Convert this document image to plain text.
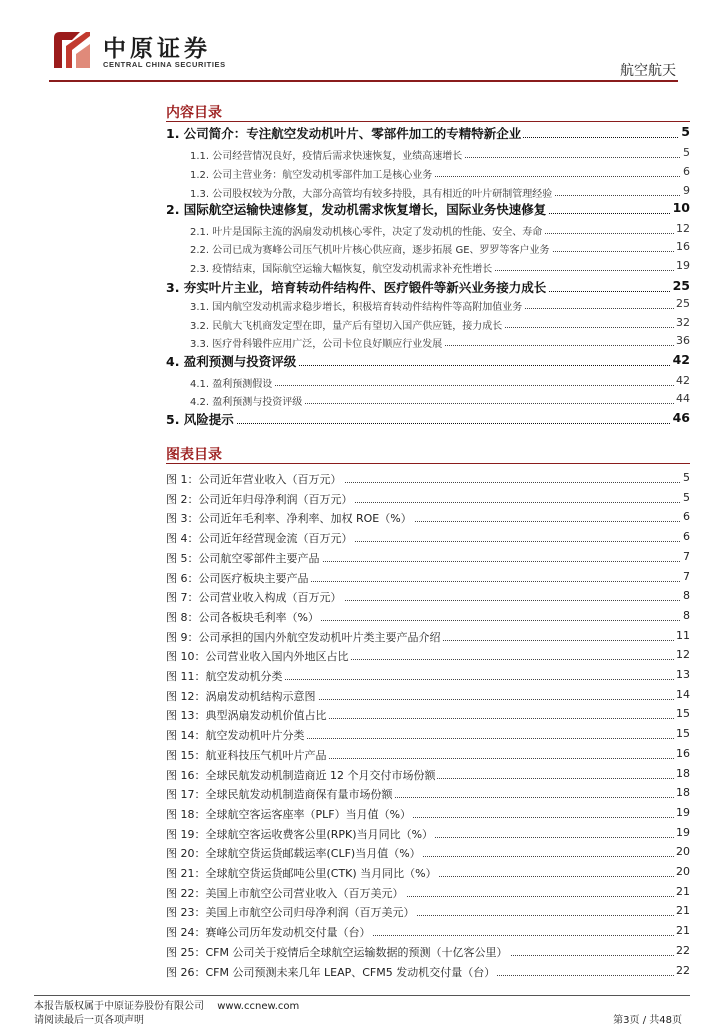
中原证券
CENTRAL CHINA SECURITIES	航空航天
内容目录
1. 公司简介：专注航空发动机叶片、零部件加工的专精特新企业	5
1.1. 公司经营情况良好，疫情后需求快速恢复，业绩高速增长	5
1.2. 公司主营业务：航空发动机零部件加工是核心业务	6
1.3. 公司股权较为分散，大部分高管均有较多持股，具有相近的叶片研制管理经验	9
2. 国际航空运输快速修复，发动机需求恢复增长，国际业务快速修复	10
2.1. 叶片是国际主流的涡扇发动机核心零件，决定了发动机的性能、安全、寿命	12
2.2. 公司已成为赛峰公司压气机叶片核心供应商，逐步拓展 GE、罗罗等客户业务	16
2.3. 疫情结束，国际航空运输大幅恢复，航空发动机需求补充性增长	19
3. 夯实叶片主业，培育转动件结构件、医疗锻件等新兴业务接力成长	25
3.1. 国内航空发动机需求稳步增长，积极培育转动件结构件等高附加值业务	25
3.2. 民航大飞机商发定型在即，量产后有望切入国产供应链，接力成长	32
3.3. 医疗骨科锻件应用广泛，公司卡位良好顺应行业发展	36
4. 盈利预测与投资评级	42
4.1. 盈利预测假设	42
4.2. 盈利预测与投资评级	44
5. 风险提示	46
图表目录
图 1：公司近年营业收入（百万元）	5
图 2：公司近年归母净利润（百万元）	5
图 3：公司近年毛利率、净利率、加权 ROE（%）	6
图 4：公司近年经营现金流（百万元）	6
图 5：公司航空零部件主要产品	7
图 6：公司医疗板块主要产品	7
图 7：公司营业收入构成（百万元）	8
图 8：公司各板块毛利率（%）	8
图 9：公司承担的国内外航空发动机叶片类主要产品介绍	11
图 10：公司营业收入国内外地区占比	12
图 11：航空发动机分类	13
图 12：涡扇发动机结构示意图	14
图 13：典型涡扇发动机价值占比	15
图 14：航空发动机叶片分类	15
图 15：航亚科技压气机叶片产品	16
图 16：全球民航发动机制造商近 12 个月交付市场份额	18
图 17：全球民航发动机制造商保有量市场份额	18
图 18：全球航空客运客座率（PLF）当月值（%）	19
图 19：全球航空客运收费客公里(RPK)当月同比（%）	19
图 20：全球航空货运货邮载运率(CLF)当月值（%）	20
图 21：全球航空货运货邮吨公里(CTK) 当月同比（%）	20
图 22：美国上市航空公司营业收入（百万美元）	21
图 23：美国上市航空公司归母净利润（百万美元）	21
图 24：赛峰公司历年发动机交付量（台）	21
图 25：CFM 公司关于疫情后全球航空运输数据的预测（十亿客公里）	22
图 26：CFM 公司预测未来几年 LEAP、CFM5 发动机交付量（台）	22
本报告版权属于中原证券股份有限公司 www.ccnew.com
请阅读最后一页各项声明	第3页 / 共48页
